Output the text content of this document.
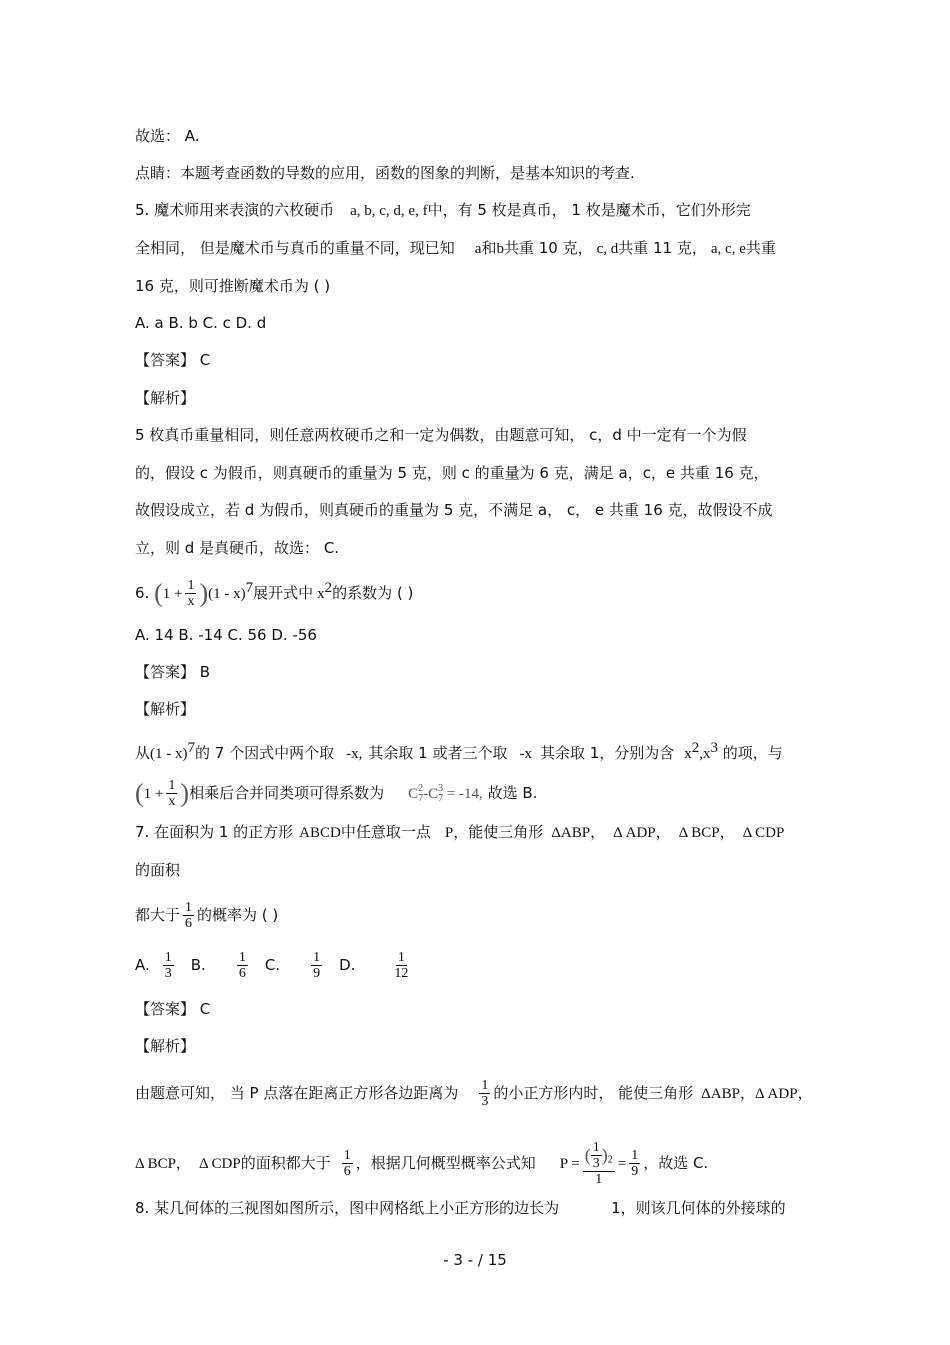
故选： A.
点睛：本题考查函数的导数的应用，函数的图象的判断，是基本知识的考查.
5. 魔术师用来表演的六枚硬币 a, b, c, d, e, f中，有 5 枚是真币， 1 枚是魔术币，它们外形完
全相同， 但是魔术币与真币的重量不同，现已知 a和b共重 10 克， c, d共重 11 克， a, c, e共重
16 克，则可推断魔术币为 ( )
A. a B. b C. c D. d
【答案】 C
【解析】
5 枚真币重量相同，则任意两枚硬币之和一定为偶数，由题意可知， c，d 中一定有一个为假
的，假设 c 为假币，则真硬币的重量为 5 克，则 c 的重量为 6 克，满足 a，c，e 共重 16 克，
故假设成立，若 d 为假币，则真硬币的重量为 5 克，不满足 a， c， e 共重 16 克，故假设不成
立，则 d 是真硬币，故选： C.
6. $(1 + \frac{1}{x} )(1 - x)^7$展开式中 $x^2$的系数为 ( )
A. 14 B. -14 C. 56 D. -56
【答案】 B
【解析】
从(1 - x)$^7$的 7 个因式中两个取 -x, 其余取 1 或者三个取 -x 其余取 1，分别为含 $x^2,x^3$ 的项，与
($1 + \frac{1}{x}$ )相乘后合并同类项可得系数为 C 2
7 -C 3
7 = -14, 故选 B.
7. 在面积为 1 的正方形 ABCD中任意取一点 P，能使三角形 ΔABP， Δ ADP， Δ BCP， Δ CDP
的面积
都大于 $\frac{1}{6}$ 的概率为 ( )
A. $\frac{1}{3} B$. $\frac{1}{6} C$. $\frac{1}{9} D$.	$\frac{1}{12}$
【答案】 C
【解析】
由题意可知， 当 P 点落在距离正方形各边距离为 $\frac{1}{3}$ 的小正方形内时， 能使三角形 ΔABP，Δ ADP，
Δ BCP， Δ CDP的面积都大于 $\frac{1}{6}$ ，根据几何概型概率公式知 $P = \frac{( \frac{1}{3} )_2}{1} = \frac{1}{9}$ ，故选 C.
8. 某几何体的三视图如图所示，图中网格纸上小正方形的边长为	1，则该几何体的外接球的
- 3 - / 15
